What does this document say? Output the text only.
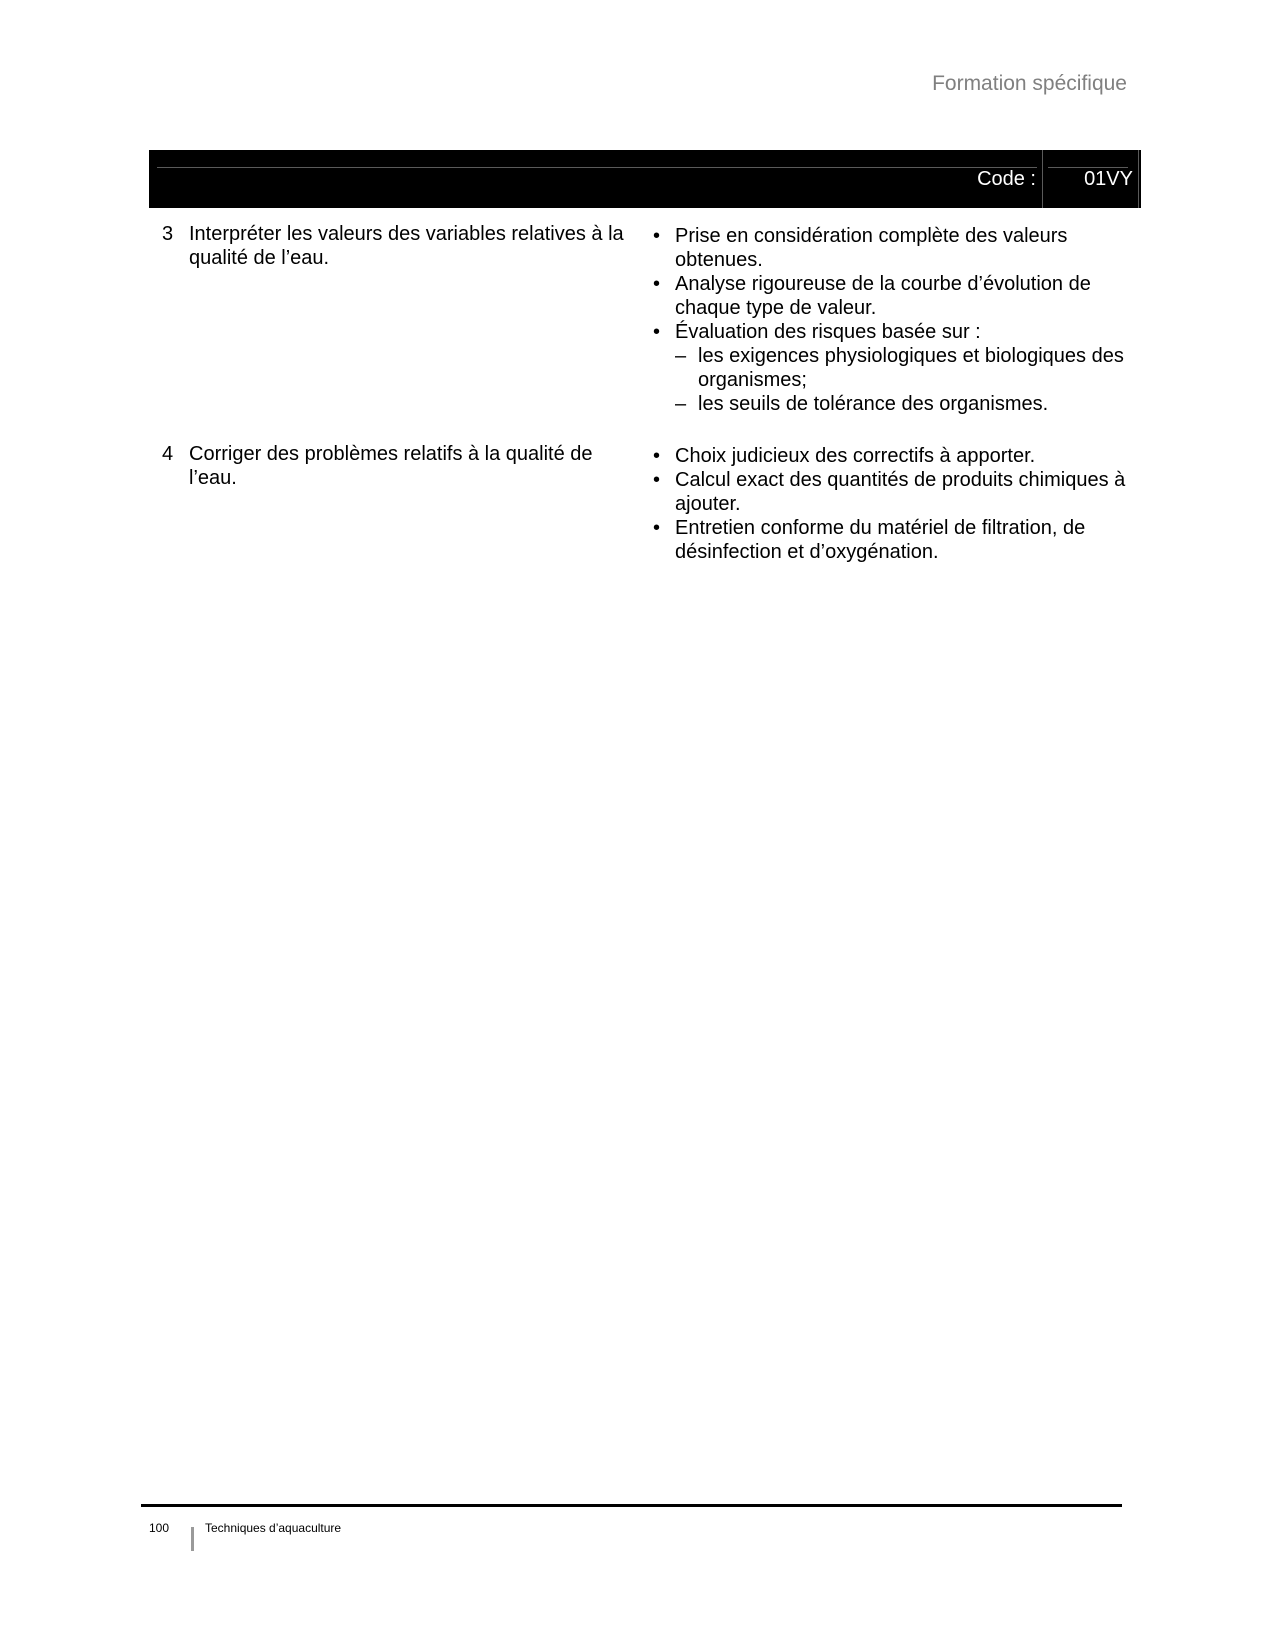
Formation spécifique
Code : 01VY
3 Interpréter les valeurs des variables relatives à la qualité de l’eau.
• Prise en considération complète des valeurs obtenues.
• Analyse rigoureuse de la courbe d’évolution de chaque type de valeur.
• Évaluation des risques basée sur :
– les exigences physiologiques et biologiques des organismes;
– les seuils de tolérance des organismes.
4 Corriger des problèmes relatifs à la qualité de l’eau.
• Choix judicieux des correctifs à apporter.
• Calcul exact des quantités de produits chimiques à ajouter.
• Entretien conforme du matériel de filtration, de désinfection et d’oxygénation.
100	Techniques d’aquaculture
